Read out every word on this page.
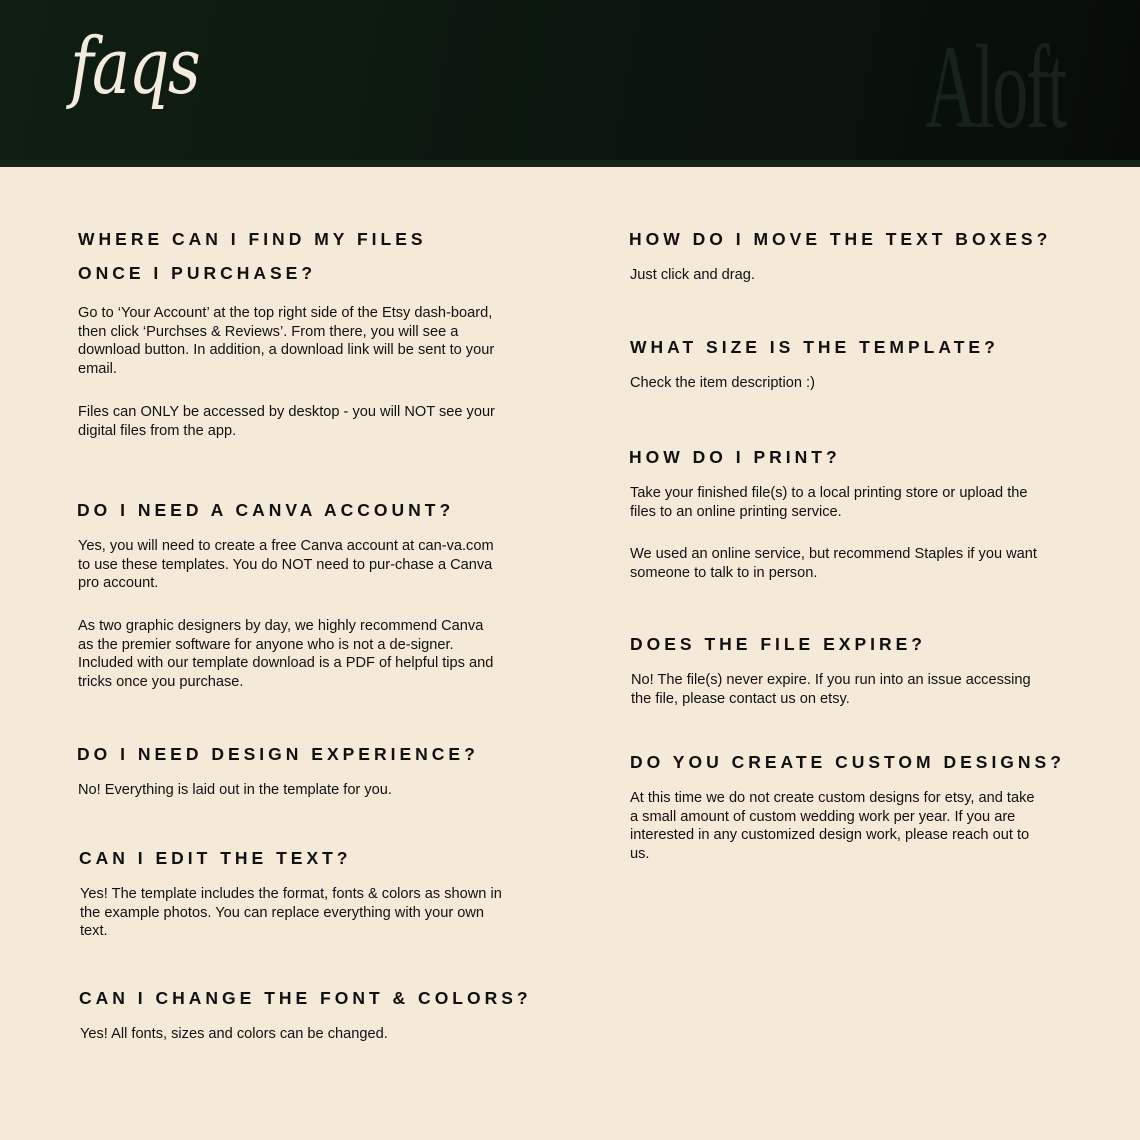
faqs	Aloft
WHERE CAN I FIND MY FILES
ONCE I PURCHASE?

Go to ‘Your Account’ at the top right side of the Etsy dash-board, then click ‘Purchses & Reviews’. From there, you will see a download button. In addition, a download link will be sent to your email.

Files can ONLY be accessed by desktop - you will NOT see your digital files from the app.

DO I NEED A CANVA ACCOUNT?

Yes, you will need to create a free Canva account at can-va.com to use these templates. You do NOT need to pur-chase a Canva pro account.

As two graphic designers by day, we highly recommend Canva as the premier software for anyone who is not a de-signer. Included with our template download is a PDF of helpful tips and tricks once you purchase.

DO I NEED DESIGN EXPERIENCE?

No! Everything is laid out in the template for you.

CAN I EDIT THE TEXT?

Yes! The template includes the format, fonts & colors as shown in the example photos. You can replace everything with your own text.

CAN I CHANGE THE FONT & COLORS?

Yes! All fonts, sizes and colors can be changed.

HOW DO I MOVE THE TEXT BOXES?

Just click and drag.

WHAT SIZE IS THE TEMPLATE?

Check the item description :)

HOW DO I PRINT?

Take your finished file(s) to a local printing store or upload the files to an online printing service.

We used an online service, but recommend Staples if you want someone to talk to in person.

DOES THE FILE EXPIRE?

No! The file(s) never expire. If you run into an issue accessing the file, please contact us on etsy.

DO YOU CREATE CUSTOM DESIGNS?

At this time we do not create custom designs for etsy, and take a small amount of custom wedding work per year. If you are interested in any customized design work, please reach out to us.
